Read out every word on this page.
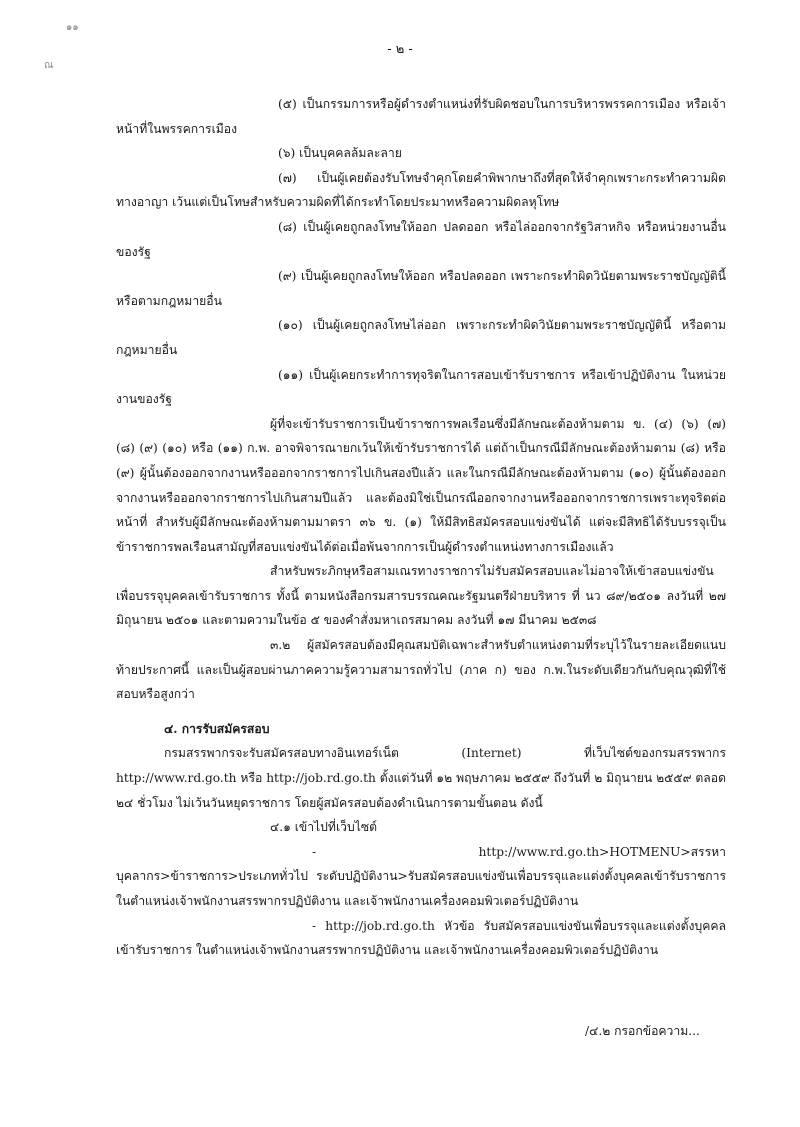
๑๑
ณ
- ๒ -

(๕) เป็นกรรมการหรือผู้ดำรงตำแหน่งที่รับผิดชอบในการบริหารพรรคการเมือง หรือเจ้าหน้าที่ในพรรคการเมือง

(๖) เป็นบุคคลล้มละลาย

(๗) เป็นผู้เคยต้องรับโทษจำคุกโดยคำพิพากษาถึงที่สุดให้จำคุกเพราะกระทำความผิดทางอาญา เว้นแต่เป็นโทษสำหรับความผิดที่ได้กระทำโดยประมาทหรือความผิดลหุโทษ

(๘) เป็นผู้เคยถูกลงโทษให้ออก ปลดออก หรือไล่ออกจากรัฐวิสาหกิจ หรือหน่วยงานอื่นของรัฐ

(๙) เป็นผู้เคยถูกลงโทษให้ออก หรือปลดออก เพราะกระทำผิดวินัยตามพระราชบัญญัตินี้หรือตามกฎหมายอื่น

(๑๐) เป็นผู้เคยถูกลงโทษไล่ออก เพราะกระทำผิดวินัยตามพระราชบัญญัตินี้ หรือตามกฎหมายอื่น

(๑๑) เป็นผู้เคยกระทำการทุจริตในการสอบเข้ารับราชการ หรือเข้าปฏิบัติงาน ในหน่วยงานของรัฐ

ผู้ที่จะเข้ารับราชการเป็นข้าราชการพลเรือนซึ่งมีลักษณะต้องห้ามตาม ข. (๔) (๖) (๗) (๘) (๙) (๑๐) หรือ (๑๑) ก.พ. อาจพิจารณายกเว้นให้เข้ารับราชการได้ แต่ถ้าเป็นกรณีมีลักษณะต้องห้ามตาม (๘) หรือ (๙) ผู้นั้นต้องออกจากงานหรือออกจากราชการไปเกินสองปีแล้ว และในกรณีมีลักษณะต้องห้ามตาม (๑๐) ผู้นั้นต้องออกจากงานหรือออกจากราชการไปเกินสามปีแล้ว และต้องมิใช่เป็นกรณีออกจากงานหรือออกจากราชการเพราะทุจริตต่อหน้าที่ สำหรับผู้มีลักษณะต้องห้ามตามมาตรา ๓๖ ข. (๑) ให้มีสิทธิสมัครสอบแข่งขันได้ แต่จะมีสิทธิได้รับบรรจุเป็นข้าราชการพลเรือนสามัญที่สอบแข่งขันได้ต่อเมื่อพ้นจากการเป็นผู้ดำรงตำแหน่งทางการเมืองแล้ว

สำหรับพระภิกษุหรือสามเณรทางราชการไม่รับสมัครสอบและไม่อาจให้เข้าสอบแข่งขันเพื่อบรรจุบุคคลเข้ารับราชการ ทั้งนี้ ตามหนังสือกรมสารบรรณคณะรัฐมนตรีฝ่ายบริหาร ที่ นว ๘๙/๒๕๐๑ ลงวันที่ ๒๗ มิถุนายน ๒๕๐๑ และตามความในข้อ ๕ ของคำสั่งมหาเถรสมาคม ลงวันที่ ๑๗ มีนาคม ๒๕๓๘

๓.๒ ผู้สมัครสอบต้องมีคุณสมบัติเฉพาะสำหรับตำแหน่งตามที่ระบุไว้ในรายละเอียดแนบท้ายประกาศนี้ และเป็นผู้สอบผ่านภาคความรู้ความสามารถทั่วไป (ภาค ก) ของ ก.พ.ในระดับเดียวกันกับคุณวุฒิที่ใช้สอบหรือสูงกว่า

๔. การรับสมัครสอบ

กรมสรรพากรจะรับสมัครสอบทางอินเทอร์เน็ต (Internet) ที่เว็บไซต์ของกรมสรรพากร http://www.rd.go.th หรือ http://job.rd.go.th ตั้งแต่วันที่ ๑๒ พฤษภาคม ๒๕๕๙ ถึงวันที่ ๒ มิถุนายน ๒๕๕๙ ตลอด ๒๔ ชั่วโมง ไม่เว้นวันหยุดราชการ โดยผู้สมัครสอบต้องดำเนินการตามขั้นตอน ดังนี้

๔.๑ เข้าไปที่เว็บไซต์

- http://www.rd.go.th>HOTMENU>สรรหาบุคลากร>ข้าราชการ>ประเภททั่วไป ระดับปฏิบัติงาน>รับสมัครสอบแข่งขันเพื่อบรรจุและแต่งตั้งบุคคลเข้ารับราชการ ในตำแหน่งเจ้าพนักงานสรรพากรปฏิบัติงาน และเจ้าพนักงานเครื่องคอมพิวเตอร์ปฏิบัติงาน

- http://job.rd.go.th หัวข้อ รับสมัครสอบแข่งขันเพื่อบรรจุและแต่งตั้งบุคคลเข้ารับราชการ ในตำแหน่งเจ้าพนักงานสรรพากรปฏิบัติงาน และเจ้าพนักงานเครื่องคอมพิวเตอร์ปฏิบัติงาน

/๔.๒ กรอกข้อความ...
